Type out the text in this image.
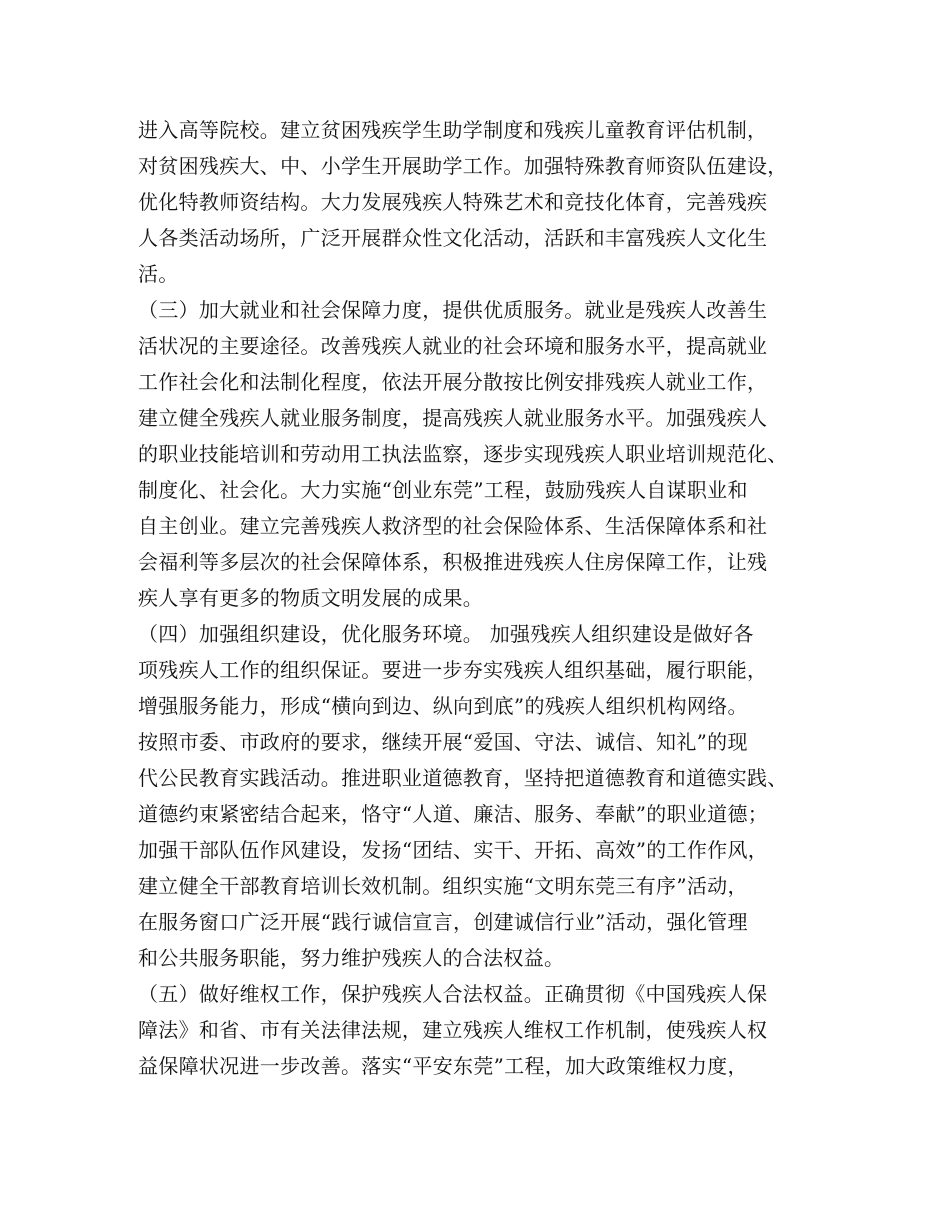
进入高等院校。建立贫困残疾学生助学制度和残疾儿童教育评估机制，
对贫困残疾大、中、小学生开展助学工作。加强特殊教育师资队伍建设，
优化特教师资结构。大力发展残疾人特殊艺术和竞技化体育，完善残疾
人各类活动场所，广泛开展群众性文化活动，活跃和丰富残疾人文化生
活。
（三）加大就业和社会保障力度，提供优质服务。就业是残疾人改善生
活状况的主要途径。改善残疾人就业的社会环境和服务水平，提高就业
工作社会化和法制化程度，依法开展分散按比例安排残疾人就业工作，
建立健全残疾人就业服务制度，提高残疾人就业服务水平。加强残疾人
的职业技能培训和劳动用工执法监察，逐步实现残疾人职业培训规范化、
制度化、社会化。大力实施“创业东莞”工程，鼓励残疾人自谋职业和
自主创业。建立完善残疾人救济型的社会保险体系、生活保障体系和社
会福利等多层次的社会保障体系，积极推进残疾人住房保障工作，让残
疾人享有更多的物质文明发展的成果。
（四）加强组织建设，优化服务环境。 加强残疾人组织建设是做好各
项残疾人工作的组织保证。要进一步夯实残疾人组织基础，履行职能，
增强服务能力，形成“横向到边、纵向到底”的残疾人组织机构网络。
按照市委、市政府的要求，继续开展“爱国、守法、诚信、知礼”的现
代公民教育实践活动。推进职业道德教育，坚持把道德教育和道德实践、
道德约束紧密结合起来，恪守“人道、廉洁、服务、奉献”的职业道德；
加强干部队伍作风建设，发扬“团结、实干、开拓、高效”的工作作风，
建立健全干部教育培训长效机制。组织实施“文明东莞三有序”活动，
在服务窗口广泛开展“践行诚信宣言，创建诚信行业”活动，强化管理
和公共服务职能，努力维护残疾人的合法权益。
（五）做好维权工作，保护残疾人合法权益。正确贯彻《中国残疾人保
障法》和省、市有关法律法规，建立残疾人维权工作机制，使残疾人权
益保障状况进一步改善。落实“平安东莞”工程，加大政策维权力度，
